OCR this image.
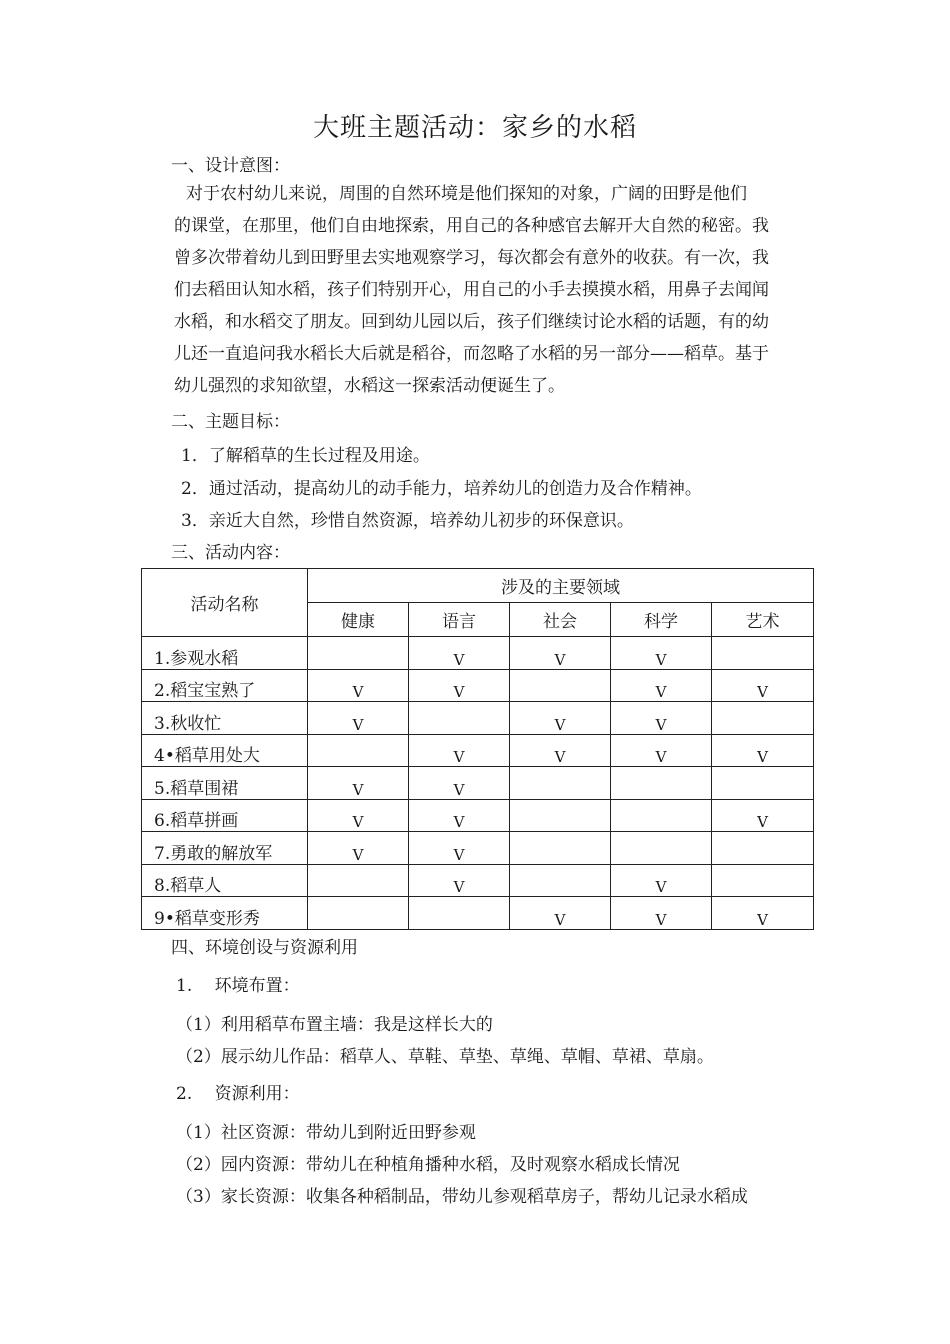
大班主题活动：家乡的水稻
一、设计意图：
对于农村幼儿来说，周围的自然环境是他们探知的对象，广阔的田野是他们
的课堂，在那里，他们自由地探索，用自己的各种感官去解开大自然的秘密。我
曾多次带着幼儿到田野里去实地观察学习，每次都会有意外的收获。有一次，我
们去稻田认知水稻，孩子们特别开心，用自己的小手去摸摸水稻，用鼻子去闻闻
水稻，和水稻交了朋友。回到幼儿园以后，孩子们继续讨论水稻的话题，有的幼
儿还一直追问我水稻长大后就是稻谷，而忽略了水稻的另一部分——稻草。基于
幼儿强烈的求知欲望，水稻这一探索活动便诞生了。
二、主题目标：
1．了解稻草的生长过程及用途。
2．通过活动，提高幼儿的动手能力，培养幼儿的创造力及合作精神。
3．亲近大自然，珍惜自然资源，培养幼儿初步的环保意识。
三、活动内容：
活动名称	涉及的主要领域				
	健康	语言	社会	科学	艺术
1.参观水稻		V	V	V	
2.稻宝宝熟了	V	V		V	V
3.秋收忙	V		V	V	
4•稻草用处大		V	V	V	V
5.稻草围裙	V	V			
6.稻草拼画	V	V			V
7.勇敢的解放军	V	V			
8.稻草人		V		V	
9•稻草变形秀			V	V	V
四、环境创设与资源利用
1.　 环境布置：
（1）利用稻草布置主墙：我是这样长大的
（2）展示幼儿作品：稻草人、草鞋、草垫、草绳、草帽、草裙、草扇。
2.　 资源利用：
（1）社区资源：带幼儿到附近田野参观
（2）园内资源：带幼儿在种植角播种水稻，及时观察水稻成长情况
（3）家长资源：收集各种稻制品，带幼儿参观稻草房子，帮幼儿记录水稻成
